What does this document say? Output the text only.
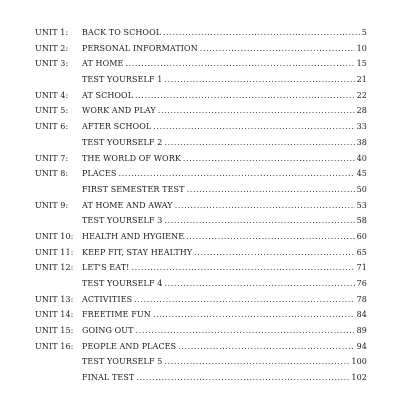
UNIT 1:	BACK TO SCHOOL .....	5
UNIT 2:	PERSONAL INFORMATION .....	10
UNIT 3:	AT HOME .....	15
TEST YOURSELF 1 .....	21
UNIT 4:	AT SCHOOL .....	22
UNIT 5:	WORK AND PLAY .....	28
UNIT 6:	AFTER SCHOOL .....	33
TEST YOURSELF 2 .....	38
UNIT 7:	THE WORLD OF WORK .....	40
UNIT 8:	PLACES .....	45
FIRST SEMESTER TEST .....	50
UNIT 9:	AT HOME AND AWAY .....	53
TEST YOURSELF 3 .....	58
UNIT 10:	HEALTH AND HYGIENE .....	60
UNIT 11:	KEEP FIT, STAY HEALTHY .....	65
UNIT 12:	LET'S EAT! .....	71
TEST YOURSELF 4 .....	76
UNIT 13:	ACTIVITIES .....	78
UNIT 14:	FREETIME FUN .....	84
UNIT 15:	GOING OUT .....	89
UNIT 16:	PEOPLE AND PLACES .....	94
TEST YOURSELF 5 .....	100
FINAL TEST .....	102
